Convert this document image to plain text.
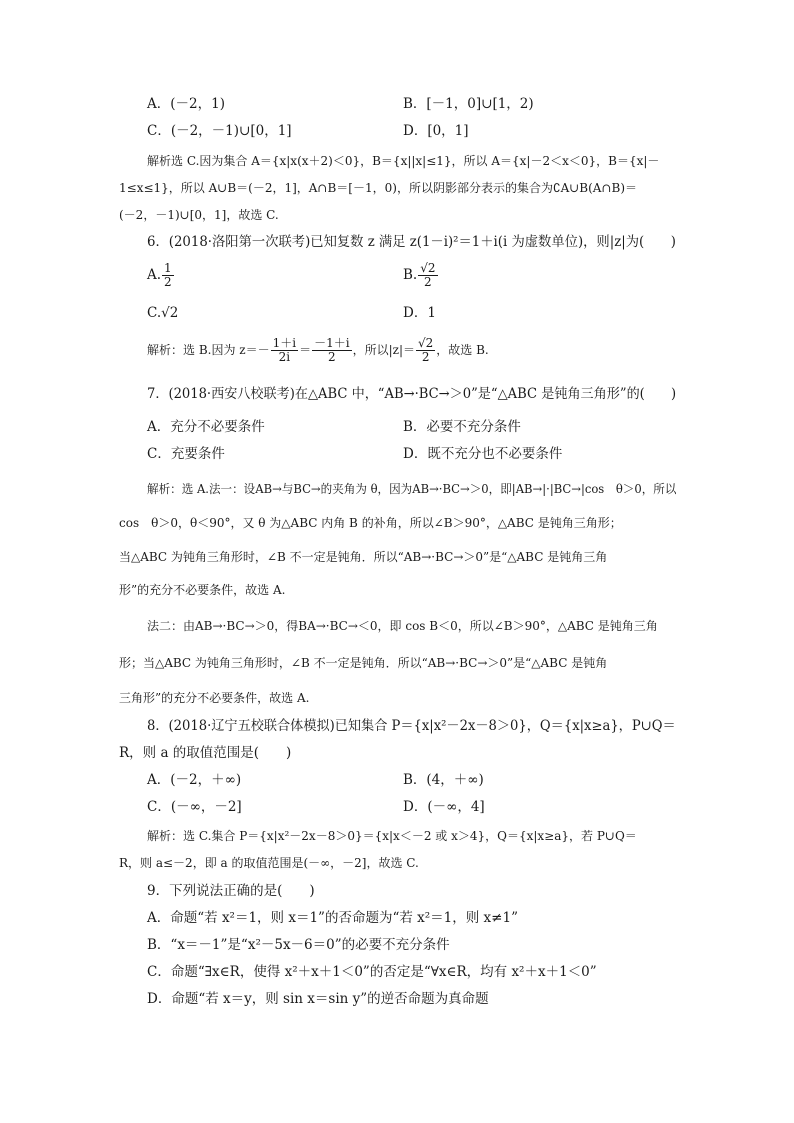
A．(－2，1)	B．[－1，0]∪[1，2)
C．(－2，－1)∪[0，1]	D．[0，1]
解析选 C.因为集合 A＝{x|x(x＋2)＜0}，B＝{x||x|≤1}，所以 A＝{x|－2＜x＜0}，B＝{x|－
1≤x≤1}，所以 A∪B＝(－2，1]，A∩B＝[－1，0)，所以阴影部分表示的集合为∁A∪B(A∩B)＝
(－2，－1)∪[0，1]，故选 C.
6．(2018·洛阳第一次联考)已知复数 z 满足 z(1－i)²＝1＋i(i 为虚数单位)，则|z|为(　　)
A. $\frac{1}{2}$	B. $\frac{√2}{2}$
C.√2	D．1
解析：选 B.因为 $z=- \frac{1+i}{2i} = \frac{-1+i}{2}$ ，所以$|z|= \frac{√2}{2}$ ，故选 B.
7．(2018·西安八校联考)在△ABC 中，“AB→·BC→＞0”是“△ABC 是钝角三角形”的(　　)
A．充分不必要条件	B．必要不充分条件
C．充要条件	D．既不充分也不必要条件
解析：选 A.法一：设AB→与BC→的夹角为 θ，因为AB→·BC→＞0，即|AB→|·|BC→|cos　θ＞0，所以
cos　θ＞0，θ＜90°，又 θ 为△ABC 内角 B 的补角，所以∠B＞90°，△ABC 是钝角三角形；
当△ABC 为钝角三角形时，∠B 不一定是钝角．所以“AB→·BC→＞0”是“△ABC 是钝角三角
形”的充分不必要条件，故选 A.
法二：由AB→·BC→＞0，得BA→·BC→＜0，即 cos B＜0，所以∠B＞90°，△ABC 是钝角三角
形；当△ABC 为钝角三角形时，∠B 不一定是钝角．所以“AB→·BC→＞0”是“△ABC 是钝角
三角形”的充分不必要条件，故选 A.
8．(2018·辽宁五校联合体模拟)已知集合 P＝{x|x²－2x－8＞0}，Q＝{x|x≥a}，P∪Q＝
R，则 a 的取值范围是(　　)
A．(－2，＋∞)	B．(4，＋∞)
C．(－∞，－2]	D．(－∞，4]
解析：选 C.集合 P＝{x|x²－2x－8＞0}＝{x|x＜－2 或 x＞4}，Q＝{x|x≥a}，若 P∪Q＝
R，则 a≤－2，即 a 的取值范围是(－∞，－2]，故选 C.
9．下列说法正确的是(　　)
A．命题“若 x²＝1，则 x＝1”的否命题为“若 x²＝1，则 x≠1”
B．“x＝－1”是“x²－5x－6＝0”的必要不充分条件
C．命题“∃x∈R，使得 x²＋x＋1＜0”的否定是“∀x∈R，均有 x²＋x＋1＜0”
D．命题“若 x＝y，则 sin x＝sin y”的逆否命题为真命题
